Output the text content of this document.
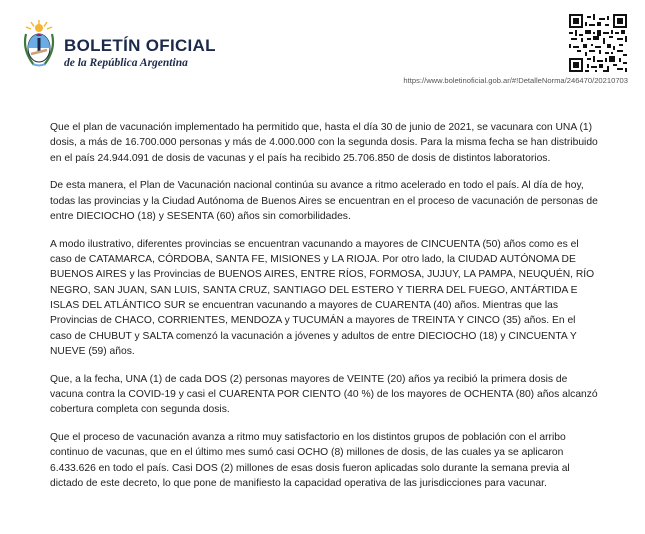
BOLETÍN OFICIAL
de la República Argentina
https://www.boletinoficial.gob.ar/#!DetalleNorma/246470/20210703

Que el plan de vacunación implementado ha permitido que, hasta el día 30 de junio de 2021, se vacunara con UNA (1) dosis, a más de 16.700.000 personas y más de 4.000.000 con la segunda dosis. Para la misma fecha se han distribuido en el país 24.944.091 de dosis de vacunas y el país ha recibido 25.706.850 de dosis de distintos laboratorios.

De esta manera, el Plan de Vacunación nacional continúa su avance a ritmo acelerado en todo el país. Al día de hoy, todas las provincias y la Ciudad Autónoma de Buenos Aires se encuentran en el proceso de vacunación de personas de entre DIECIOCHO (18) y SESENTA (60) años sin comorbilidades.

A modo ilustrativo, diferentes provincias se encuentran vacunando a mayores de CINCUENTA (50) años como es el caso de CATAMARCA, CÓRDOBA, SANTA FE, MISIONES y LA RIOJA. Por otro lado, la CIUDAD AUTÓNOMA DE BUENOS AIRES y las Provincias de BUENOS AIRES, ENTRE RÍOS, FORMOSA, JUJUY, LA PAMPA, NEUQUÉN, RÍO NEGRO, SAN JUAN, SAN LUIS, SANTA CRUZ, SANTIAGO DEL ESTERO Y TIERRA DEL FUEGO, ANTÁRTIDA E ISLAS DEL ATLÁNTICO SUR se encuentran vacunando a mayores de CUARENTA (40) años. Mientras que las Provincias de CHACO, CORRIENTES, MENDOZA y TUCUMÁN a mayores de TREINTA Y CINCO (35) años. En el caso de CHUBUT y SALTA comenzó la vacunación a jóvenes y adultos de entre DIECIOCHO (18) y CINCUENTA Y NUEVE (59) años.

Que, a la fecha, UNA (1) de cada DOS (2) personas mayores de VEINTE (20) años ya recibió la primera dosis de vacuna contra la COVID-19 y casi el CUARENTA POR CIENTO (40 %) de los mayores de OCHENTA (80) años alcanzó cobertura completa con segunda dosis.

Que el proceso de vacunación avanza a ritmo muy satisfactorio en los distintos grupos de población con el arribo continuo de vacunas, que en el último mes sumó casi OCHO (8) millones de dosis, de las cuales ya se aplicaron 6.433.626 en todo el país. Casi DOS (2) millones de esas dosis fueron aplicadas solo durante la semana previa al dictado de este decreto, lo que pone de manifiesto la capacidad operativa de las jurisdicciones para vacunar.
